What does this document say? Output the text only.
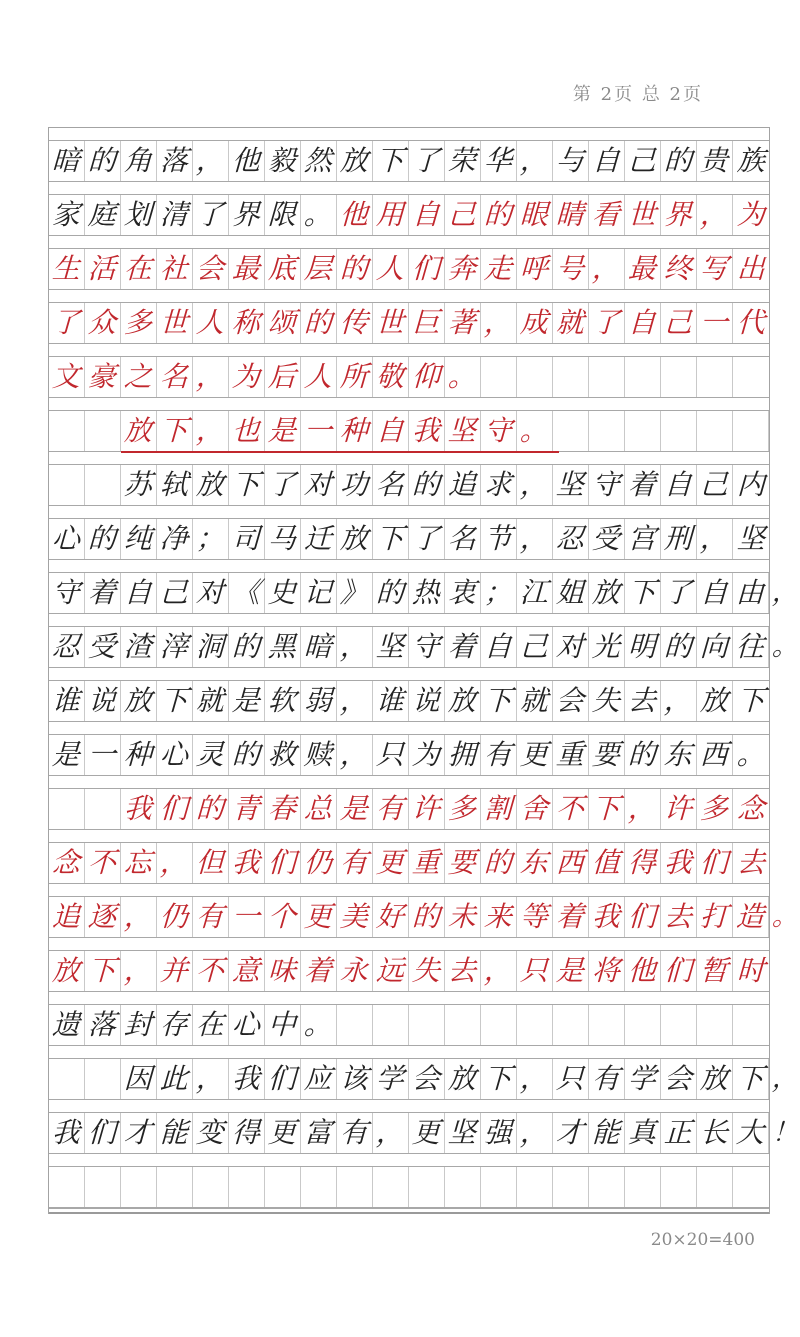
第 2页 总 2页
暗 的 角 落 ， 他 毅 然 放 下 了 荣 华 ， 与 自 己 的 贵 族
家 庭 划 清 了 界 限 。 他 用 自 己 的 眼 睛 看 世 界 ， 为
生 活 在 社 会 最 底 层 的 人 们 奔 走 呼 号 ， 最 终 写 出
了 众 多 世 人 称 颂 的 传 世 巨 著 ， 成 就 了 自 己 一 代
文 豪 之 名 ， 为 后 人 所 敬 仰 。
放 下 ， 也 是 一 种 自 我 坚 守 。
苏 轼 放 下 了 对 功 名 的 追 求 ， 坚 守 着 自 己 内
心 的 纯 净 ； 司 马 迁 放 下 了 名 节 ， 忍 受 宫 刑 ， 坚
守 着 自 己 对 《 史 记 》 的 热 衷 ； 江 姐 放 下 了 自 由 ，
忍 受 渣 滓 洞 的 黑 暗 ， 坚 守 着 自 己 对 光 明 的 向 往 。
谁 说 放 下 就 是 软 弱 ， 谁 说 放 下 就 会 失 去 ， 放 下
是 一 种 心 灵 的 救 赎 ， 只 为 拥 有 更 重 要 的 东 西 。
我 们 的 青 春 总 是 有 许 多 割 舍 不 下 ， 许 多 念
念 不 忘 ， 但 我 们 仍 有 更 重 要 的 东 西 值 得 我 们 去
追 逐 ， 仍 有 一 个 更 美 好 的 未 来 等 着 我 们 去 打 造 。
放 下 ， 并 不 意 味 着 永 远 失 去 ， 只 是 将 他 们 暂 时
遗 落 封 存 在 心 中 。
因 此 ， 我 们 应 该 学 会 放 下 ， 只 有 学 会 放 下 ，
我 们 才 能 变 得 更 富 有 ， 更 坚 强 ， 才 能 真 正 长 大 ！
20×20=400
